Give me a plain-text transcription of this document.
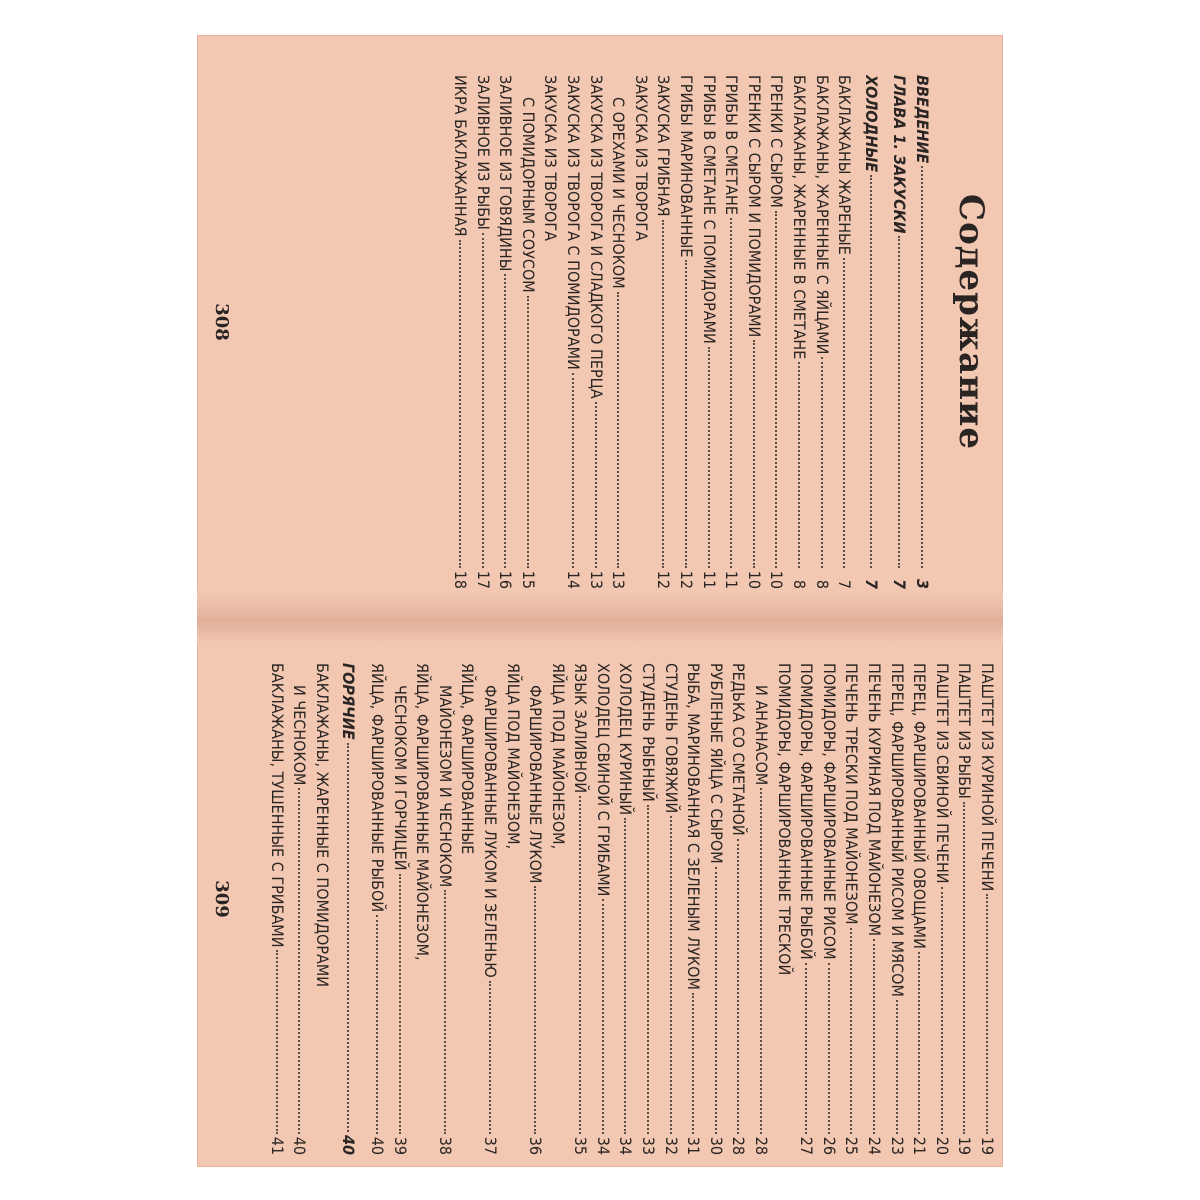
Содержание
ВВЕДЕНИЕ
3
ГЛАВА 1. ЗАКУСКИ
7
ХОЛОДНЫЕ
7
БАКЛАЖАНЫ ЖАРЕНЫЕ
7
БАКЛАЖАНЫ, ЖАРЕННЫЕ С ЯЙЦАМИ
8
БАКЛАЖАНЫ, ЖАРЕННЫЕ В СМЕТАНЕ
8
ГРЕНКИ С СЫРОМ
10
ГРЕНКИ С СЫРОМ И ПОМИДОРАМИ
10
ГРИБЫ В СМЕТАНЕ
11
ГРИБЫ В СМЕТАНЕ С ПОМИДОРАМИ
11
ГРИБЫ МАРИНОВАННЫЕ
12
ЗАКУСКА ГРИБНАЯ
12
ЗАКУСКА ИЗ ТВОРОГА
С ОРЕХАМИ И ЧЕСНОКОМ
13
ЗАКУСКА ИЗ ТВОРОГА И СЛАДКОГО ПЕРЦА
13
ЗАКУСКА ИЗ ТВОРОГА С ПОМИДОРАМИ
14
ЗАКУСКА ИЗ ТВОРОГА
С ПОМИДОРНЫМ СОУСОМ
15
ЗАЛИВНОЕ ИЗ ГОВЯДИНЫ
16
ЗАЛИВНОЕ ИЗ РЫБЫ
17
ИКРА БАКЛАЖАННАЯ
18
308
ПАШТЕТ ИЗ КУРИНОЙ ПЕЧЕНИ
19
ПАШТЕТ ИЗ РЫБЫ
19
ПАШТЕТ ИЗ СВИНОЙ ПЕЧЕНИ
20
ПЕРЕЦ, ФАРШИРОВАННЫЙ ОВОЩАМИ
21
ПЕРЕЦ, ФАРШИРОВАННЫЙ РИСОМ И МЯСОМ
23
ПЕЧЕНЬ КУРИНАЯ ПОД МАЙОНЕЗОМ
24
ПЕЧЕНЬ ТРЕСКИ ПОД МАЙОНЕЗОМ
25
ПОМИДОРЫ, ФАРШИРОВАННЫЕ РИСОМ
26
ПОМИДОРЫ, ФАРШИРОВАННЫЕ РЫБОЙ
27
ПОМИДОРЫ, ФАРШИРОВАННЫЕ ТРЕСКОЙ
И АНАНАСОМ
28
РЕДЬКА СО СМЕТАНОЙ
28
РУБЛЕНЫЕ ЯЙЦА С СЫРОМ
30
РЫБА, МАРИНОВАННАЯ С ЗЕЛЕНЫМ ЛУКОМ
31
СТУДЕНЬ ГОВЯЖИЙ
32
СТУДЕНЬ РЫБНЫЙ
33
ХОЛОДЕЦ КУРИНЫЙ
34
ХОЛОДЕЦ СВИНОЙ С ГРИБАМИ
34
ЯЗЫК ЗАЛИВНОЙ
35
ЯЙЦА ПОД МАЙОНЕЗОМ,
ФАРШИРОВАННЫЕ ЛУКОМ
36
ЯЙЦА ПОД МАЙОНЕЗОМ,
ФАРШИРОВАННЫЕ ЛУКОМ И ЗЕЛЕНЬЮ
37
ЯЙЦА, ФАРШИРОВАННЫЕ
МАЙОНЕЗОМ И ЧЕСНОКОМ
38
ЯЙЦА, ФАРШИРОВАННЫЕ МАЙОНЕЗОМ,
ЧЕСНОКОМ И ГОРЧИЦЕЙ
39
ЯЙЦА, ФАРШИРОВАННЫЕ РЫБОЙ
40
ГОРЯЧИЕ
40
БАКЛАЖАНЫ, ЖАРЕННЫЕ С ПОМИДОРАМИ
И ЧЕСНОКОМ
40
БАКЛАЖАНЫ, ТУШЕННЫЕ С ГРИБАМИ
41
309
